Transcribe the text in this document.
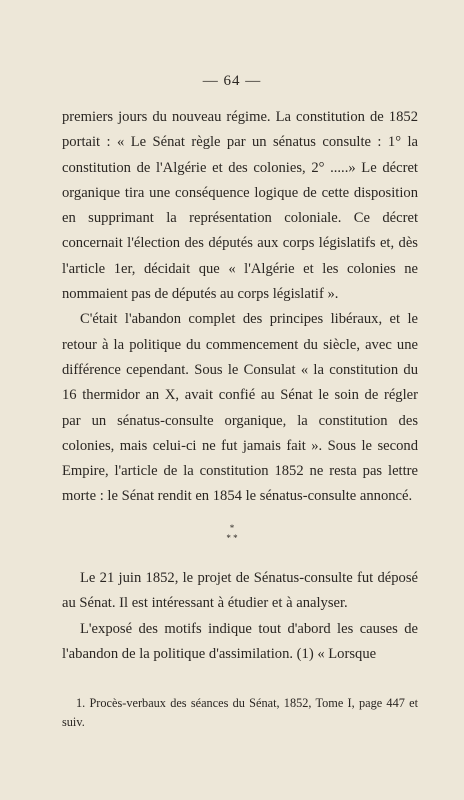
— 64 —

premiers jours du nouveau régime. La constitution de 1852 portait : « Le Sénat règle par un sénatus consulte : 1° la constitution de l'Algérie et des colonies, 2° .....» Le décret organique tira une conséquence logique de cette disposition en supprimant la représentation coloniale. Ce décret concernait l'élection des députés aux corps législatifs et, dès l'article 1er, décidait que « l'Algérie et les colonies ne nommaient pas de députés au corps législatif ».

C'était l'abandon complet des principes libéraux, et le retour à la politique du commencement du siècle, avec une différence cependant. Sous le Consulat « la constitution du 16 thermidor an X, avait confié au Sénat le soin de régler par un sénatus-consulte organique, la constitution des colonies, mais celui-ci ne fut jamais fait ». Sous le second Empire, l'article de la constitution 1852 ne resta pas lettre morte : le Sénat rendit en 1854 le sénatus-consulte annoncé.

*
* *

Le 21 juin 1852, le projet de Sénatus-consulte fut déposé au Sénat. Il est intéressant à étudier et à analyser.

L'exposé des motifs indique tout d'abord les causes de l'abandon de la politique d'assimilation. (1) « Lorsque

1. Procès-verbaux des séances du Sénat, 1852, Tome I, page 447 et suiv.
